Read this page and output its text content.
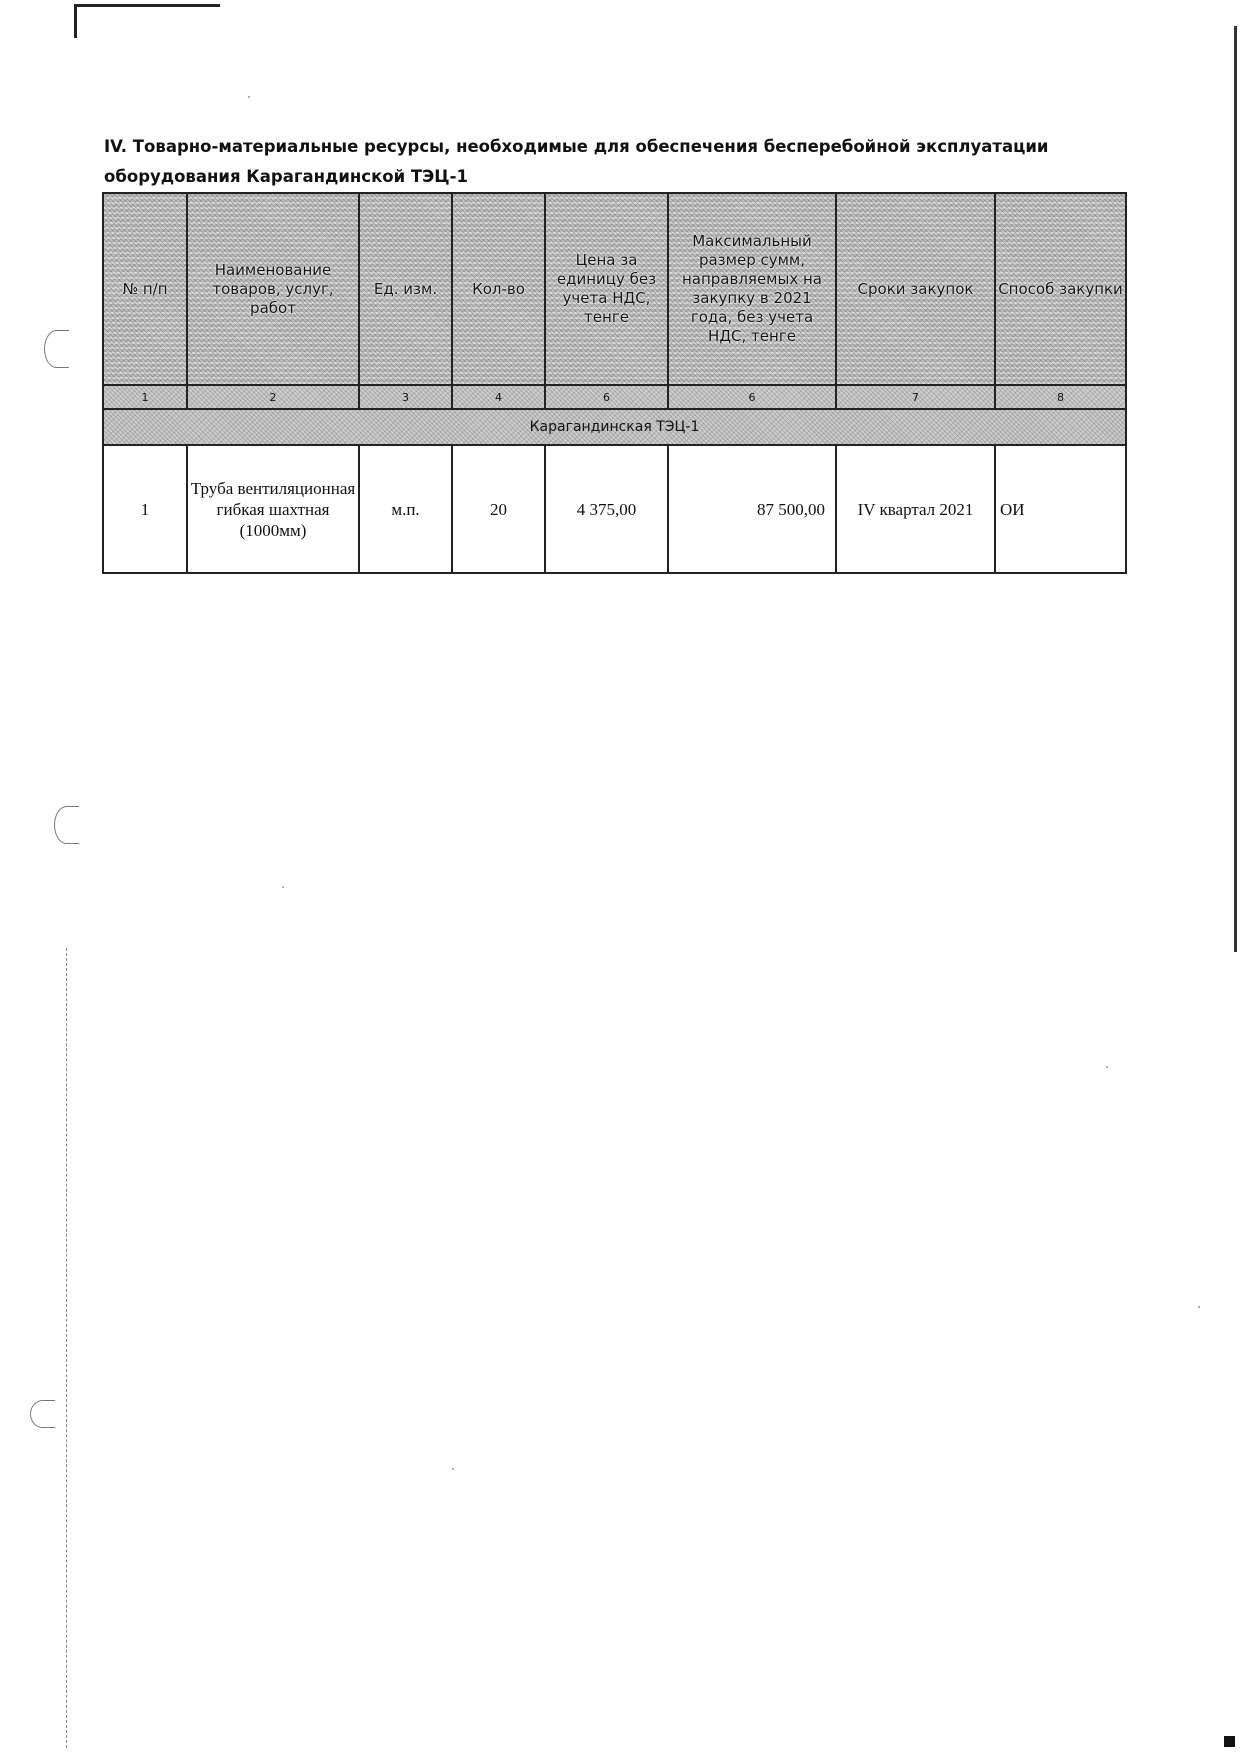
IV. Товарно-материальные ресурсы, необходимые для обеспечения бесперебойной эксплуатации оборудования Карагандинской ТЭЦ-1
№ п/п	Наименование товаров, услуг, работ	Ед. изм.	Кол-во	Цена за единицу без учета НДС, тенге	Максимальный размер сумм, направляемых на закупку в 2021 года, без учета НДС, тенге	Сроки закупок	Способ закупки

1	2	3	4	6	6	7	8
Карагандинская ТЭЦ-1							
1	Труба вентиляционная гибкая шахтная (1000мм)	м.п.	20	4 375,00	87 500,00	IV квартал 2021	ОИ
